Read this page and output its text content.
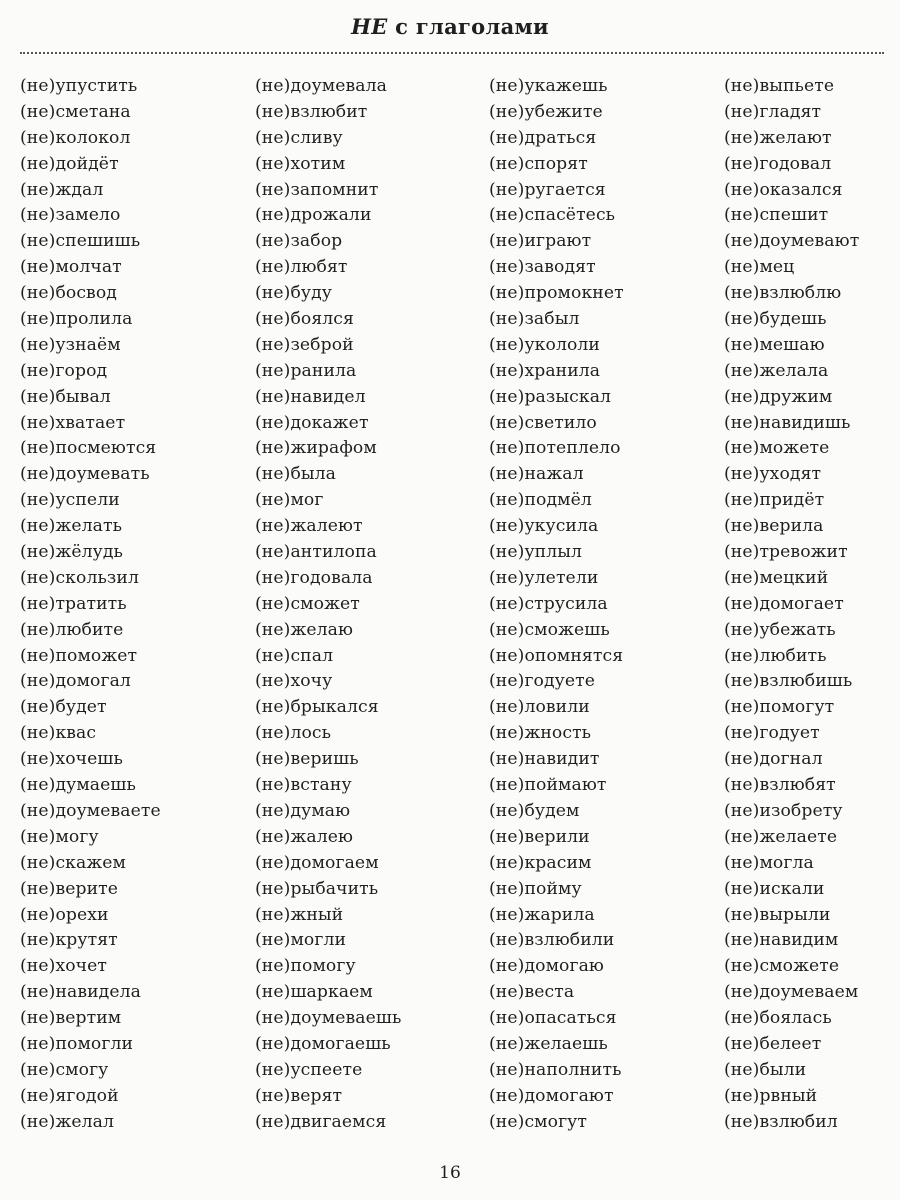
НЕ с глаголами
(не)упустить
(не)сметана
(не)колокол
(не)дойдёт
(не)ждал
(не)замело
(не)спешишь
(не)молчат
(не)босвод
(не)пролила
(не)узнаём
(не)город
(не)бывал
(не)хватает
(не)посмеются
(не)доумевать
(не)успели
(не)желать
(не)жёлудь
(не)скользил
(не)тратить
(не)любите
(не)поможет
(не)домогал
(не)будет
(не)квас
(не)хочешь
(не)думаешь
(не)доумеваете
(не)могу
(не)скажем
(не)верите
(не)орехи
(не)крутят
(не)хочет
(не)навидела
(не)вертим
(не)помогли
(не)смогу
(не)ягодой
(не)желал
(не)доумевала
(не)взлюбит
(не)сливу
(не)хотим
(не)запомнит
(не)дрожали
(не)забор
(не)любят
(не)буду
(не)боялся
(не)зеброй
(не)ранила
(не)навидел
(не)докажет
(не)жирафом
(не)была
(не)мог
(не)жалеют
(не)антилопа
(не)годовала
(не)сможет
(не)желаю
(не)спал
(не)хочу
(не)брыкался
(не)лось
(не)веришь
(не)встану
(не)думаю
(не)жалею
(не)домогаем
(не)рыбачить
(не)жный
(не)могли
(не)помогу
(не)шаркаем
(не)доумеваешь
(не)домогаешь
(не)успеете
(не)верят
(не)двигаемся
(не)укажешь
(не)убежите
(не)драться
(не)спорят
(не)ругается
(не)спасётесь
(не)играют
(не)заводят
(не)промокнет
(не)забыл
(не)укололи
(не)хранила
(не)разыскал
(не)светило
(не)потеплело
(не)нажал
(не)подмёл
(не)укусила
(не)уплыл
(не)улетели
(не)струсила
(не)сможешь
(не)опомнятся
(не)годуете
(не)ловили
(не)жность
(не)навидит
(не)поймают
(не)будем
(не)верили
(не)красим
(не)пойму
(не)жарила
(не)взлюбили
(не)домогаю
(не)веста
(не)опасаться
(не)желаешь
(не)наполнить
(не)домогают
(не)смогут
(не)выпьете
(не)гладят
(не)желают
(не)годовал
(не)оказался
(не)спешит
(не)доумевают
(не)мец
(не)взлюблю
(не)будешь
(не)мешаю
(не)желала
(не)дружим
(не)навидишь
(не)можете
(не)уходят
(не)придёт
(не)верила
(не)тревожит
(не)мецкий
(не)домогает
(не)убежать
(не)любить
(не)взлюбишь
(не)помогут
(не)годует
(не)догнал
(не)взлюбят
(не)изобрету
(не)желаете
(не)могла
(не)искали
(не)вырыли
(не)навидим
(не)сможете
(не)доумеваем
(не)боялась
(не)белеет
(не)были
(не)рвный
(не)взлюбил
16
